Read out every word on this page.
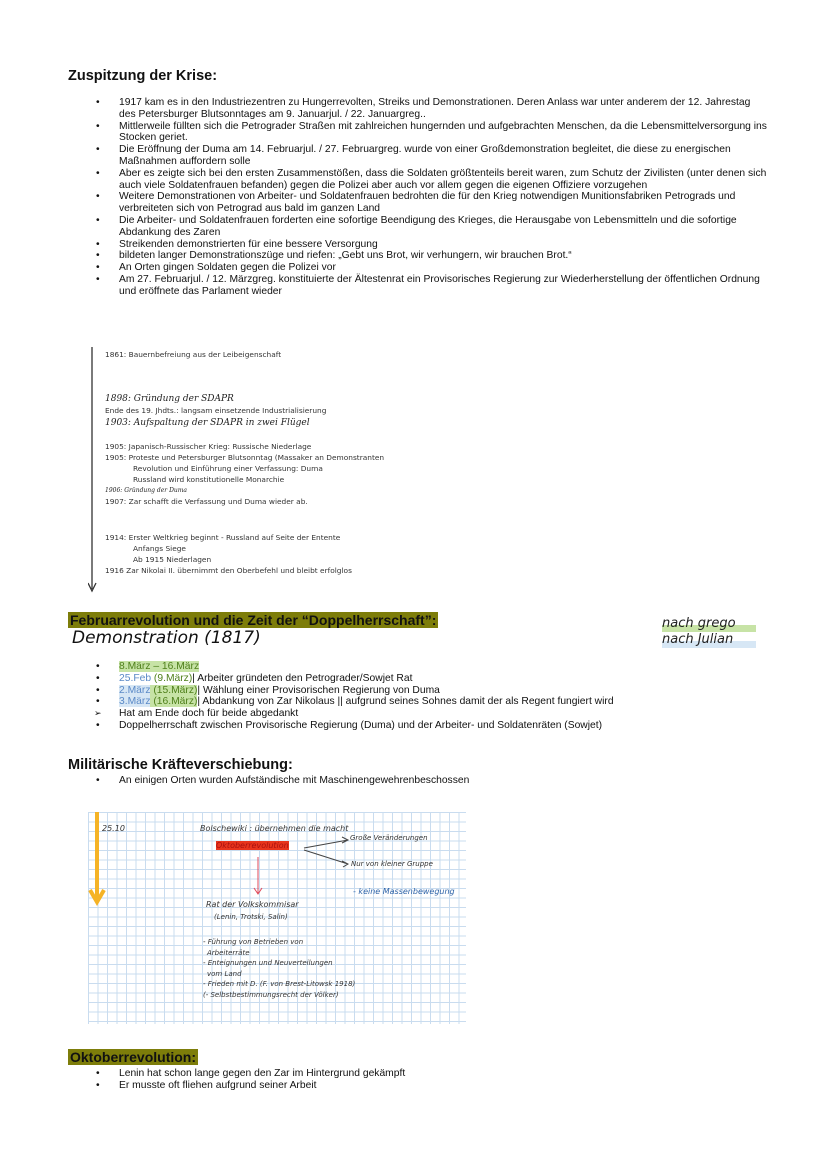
Zuspitzung der Krise:
• 1917 kam es in den Industriezentren zu Hungerrevolten, Streiks und Demonstrationen. Deren Anlass war unter anderem der 12. Jahrestag des Petersburger Blutsonntages am 9. Januarjul. / 22. Januargreg..
• Mittlerweile füllten sich die Petrograder Straßen mit zahlreichen hungernden und aufgebrachten Menschen, da die Lebensmittelversorgung ins Stocken geriet.
• Die Eröffnung der Duma am 14. Februarjul. / 27. Februargreg. wurde von einer Großdemonstration begleitet, die diese zu energischen Maßnahmen auffordern solle
• Aber es zeigte sich bei den ersten Zusammenstößen, dass die Soldaten größtenteils bereit waren, zum Schutz der Zivilisten (unter denen sich auch viele Soldatenfrauen befanden) gegen die Polizei aber auch vor allem gegen die eigenen Offiziere vorzugehen
• Weitere Demonstrationen von Arbeiter- und Soldatenfrauen bedrohten die für den Krieg notwendigen Munitionsfabriken Petrograds und verbreiteten sich von Petrograd aus bald im ganzen Land
• Die Arbeiter- und Soldatenfrauen forderten eine sofortige Beendigung des Krieges, die Herausgabe von Lebensmitteln und die sofortige Abdankung des Zaren
• Streikenden demonstrierten für eine bessere Versorgung
• bildeten langer Demonstrationszüge und riefen: „Gebt uns Brot, wir verhungern, wir brauchen Brot.“
• An Orten gingen Soldaten gegen die Polizei vor
• Am 27. Februarjul. / 12. Märzgreg. konstituierte der Ältestenrat ein Provisorisches Regierung zur Wiederherstellung der öffentlichen Ordnung und eröffnete das Parlament wieder
1861: Bauernbefreiung aus der Leibeigenschaft
1898: Gründung der SDAPR
Ende des 19. Jhdts.: langsam einsetzende Industrialisierung
1903: Aufspaltung der SDAPR in zwei Flügel
1905: Japanisch-Russischer Krieg: Russische Niederlage
1905: Proteste und Petersburger Blutsonntag (Massaker an Demonstranten
Revolution und Einführung einer Verfassung: Duma
Russland wird konstitutionelle Monarchie
1906: Gründung der Duma
1907: Zar schafft die Verfassung und Duma wieder ab.
1914: Erster Weltkrieg beginnt - Russland auf Seite der Entente
Anfangs Siege
Ab 1915 Niederlagen
1916 Zar Nikolai II. übernimmt den Oberbefehl und bleibt erfolglos
Februarrevolution und die Zeit der “Doppelherrschaft”:
Demonstration (1817)
nach grego
nach Julian
• 8.März – 16.März
• 25.Feb (9.März)| Arbeiter gründeten den Petrograder/Sowjet Rat
• 2.März (15.März)| Wählung einer Provisorischen Regierung von Duma
• 3.März (16.März)| Abdankung von Zar Nikolaus || aufgrund seines Sohnes damit der als Regent fungiert wird
➢ Hat am Ende doch für beide abgedankt
• Doppelherrschaft zwischen Provisorische Regierung (Duma) und der Arbeiter- und Soldatenräten (Sowjet)
Militärische Kräfteverschiebung:
• An einigen Orten wurden Aufständische mit Maschinengewehrenbeschossen
25.10	Bolschewiki : übernehmen die macht
Oktoberrevolution
Große Veränderungen
Nur von kleiner Gruppe
- keine Massenbewegung
Rat der Volkskommisar
(Lenin, Trotski, Salin)
- Führung von Betrieben von
Arbeiterräte
- Enteignungen und Neuverteilungen
vom Land
- Frieden mit D. (F. von Brest-Litowsk 1918)
(- Selbstbestimmungsrecht der Völker)
Oktoberrevolution:
• Lenin hat schon lange gegen den Zar im Hintergrund gekämpft
• Er musste oft fliehen aufgrund seiner Arbeit
